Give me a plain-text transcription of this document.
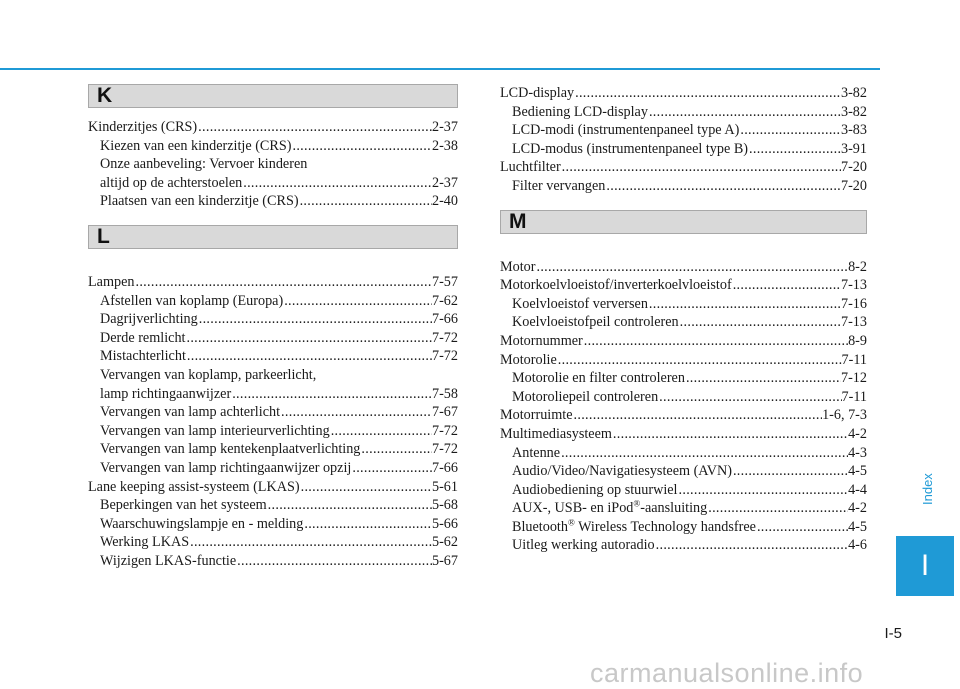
K
Kinderzitjes (CRS) .....	2-37
Kiezen van een kinderzitje (CRS) .....	2-38
Onze aanbeveling: Vervoer kinderen
altijd op de achterstoelen .....	2-37
Plaatsen van een kinderzitje (CRS) .....	2-40
L
Lampen .....	7-57
Afstellen van koplamp (Europa) .....	7-62
Dagrijverlichting .....	7-66
Derde remlicht .....	7-72
Mistachterlicht .....	7-72
Vervangen van koplamp, parkeerlicht,
lamp richtingaanwijzer .....	7-58
Vervangen van lamp achterlicht .....	7-67
Vervangen van lamp interieurverlichting .....	7-72
Vervangen van lamp kentekenplaatverlichting .....	7-72
Vervangen van lamp richtingaanwijzer opzij .....	7-66
Lane keeping assist-systeem (LKAS) .....	5-61
Beperkingen van het systeem .....	5-68
Waarschuwingslampje en - melding .....	5-66
Werking LKAS .....	5-62
Wijzigen LKAS-functie .....	5-67
LCD-display .....	3-82
Bediening LCD-display .....	3-82
LCD-modi (instrumentenpaneel type A) .....	3-83
LCD-modus (instrumentenpaneel type B) .....	3-91
Luchtfilter .....	7-20
Filter vervangen .....	7-20
M
Motor .....	8-2
Motorkoelvloeistof/inverterkoelvloeistof .....	7-13
Koelvloeistof verversen .....	7-16
Koelvloeistofpeil controleren .....	7-13
Motornummer .....	8-9
Motorolie .....	7-11
Motorolie en filter controleren .....	7-12
Motoroliepeil controleren .....	7-11
Motorruimte .....	1-6, 7-3
Multimediasysteem .....	4-2
Antenne .....	4-3
Audio/Video/Navigatiesysteem (AVN) .....	4-5
Audiobediening op stuurwiel .....	4-4
AUX-, USB- en iPod®-aansluiting .....	4-2
Bluetooth® Wireless Technology handsfree .....	4-5
Uitleg werking autoradio .....	4-6
Index
I
I-5
carmanualsonline.info
